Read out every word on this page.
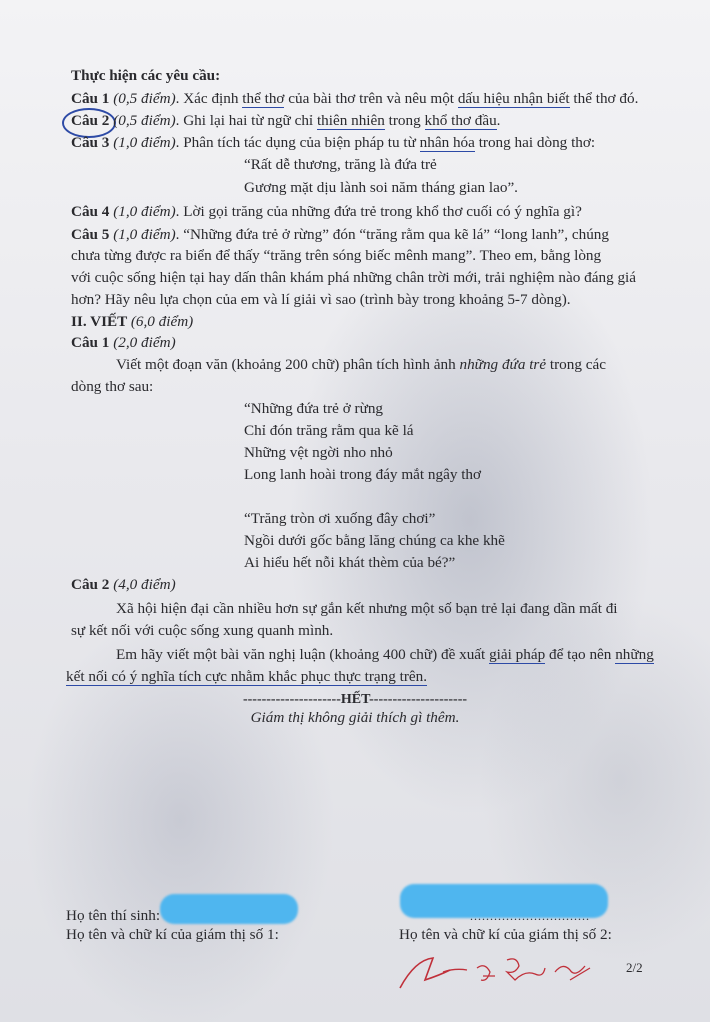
Thực hiện các yêu cầu:
Câu 1 (0,5 điểm). Xác định thể thơ của bài thơ trên và nêu một dấu hiệu nhận biết thể thơ đó.
Câu 2 (0,5 điểm). Ghi lại hai từ ngữ chỉ thiên nhiên trong khổ thơ đầu.
Câu 3 (1,0 điểm). Phân tích tác dụng của biện pháp tu từ nhân hóa trong hai dòng thơ:
“Rất dễ thương, trăng là đứa trẻ
Gương mặt dịu lành soi năm tháng gian lao”.
Câu 4 (1,0 điểm). Lời gọi trăng của những đứa trẻ trong khổ thơ cuối có ý nghĩa gì?
Câu 5 (1,0 điểm). “Những đứa trẻ ở rừng” đón “trăng rằm qua kẽ lá” “long lanh”, chúng
chưa từng được ra biển để thấy “trăng trên sóng biếc mênh mang”. Theo em, bằng lòng
với cuộc sống hiện tại hay dấn thân khám phá những chân trời mới, trải nghiệm nào đáng giá
hơn? Hãy nêu lựa chọn của em và lí giải vì sao (trình bày trong khoảng 5-7 dòng).
II. VIẾT (6,0 điểm)
Câu 1 (2,0 điểm)
Viết một đoạn văn (khoảng 200 chữ) phân tích hình ảnh những đứa trẻ trong các
dòng thơ sau:
“Những đứa trẻ ở rừng
Chỉ đón trăng rằm qua kẽ lá
Những vệt ngời nho nhỏ
Long lanh hoài trong đáy mắt ngây thơ
“Trăng tròn ơi xuống đây chơi”
Ngồi dưới gốc bằng lăng chúng ca khe khẽ
Ai hiểu hết nỗi khát thèm của bé?”
Câu 2 (4,0 điểm)
Xã hội hiện đại cần nhiều hơn sự gắn kết nhưng một số bạn trẻ lại đang dần mất đi
sự kết nối với cuộc sống xung quanh mình.
Em hãy viết một bài văn nghị luận (khoảng 400 chữ) đề xuất giải pháp để tạo nên những
kết nối có ý nghĩa tích cực nhằm khắc phục thực trạng trên.
---------------------HẾT---------------------
Giám thị không giải thích gì thêm.
Họ tên thí sinh:	..............................
Họ tên và chữ kí của giám thị số 1:	Họ tên và chữ kí của giám thị số 2:
2/2
